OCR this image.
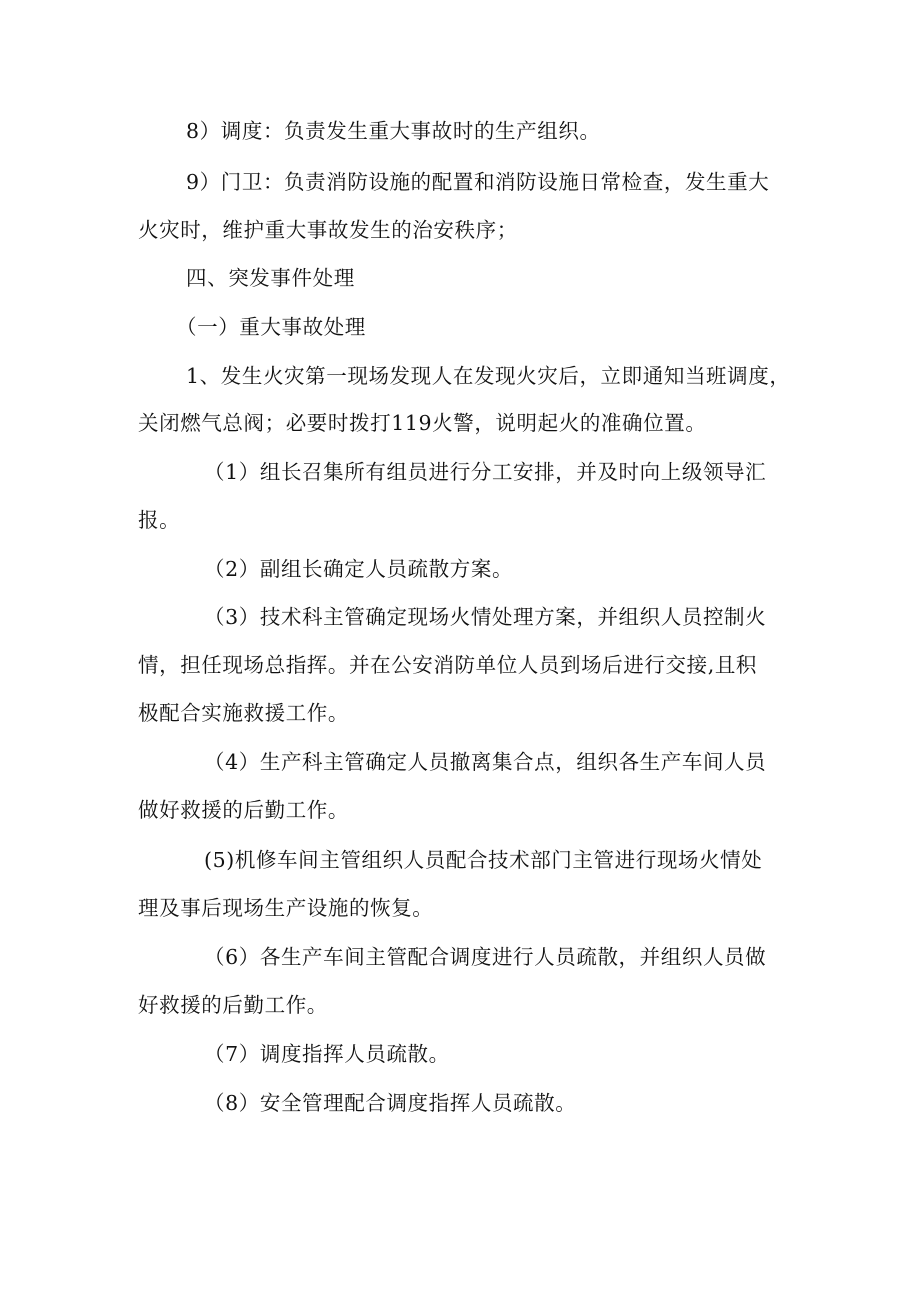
8）调度：负责发生重大事故时的生产组织。
9）门卫：负责消防设施的配置和消防设施日常检查，发生重大
火灾时，维护重大事故发生的治安秩序；
四、突发事件处理
（一）重大事故处理
1、发生火灾第一现场发现人在发现火灾后，立即通知当班调度，
关闭燃气总阀；必要时拨打119火警，说明起火的准确位置。
（1）组长召集所有组员进行分工安排，并及时向上级领导汇
报。
（2）副组长确定人员疏散方案。
（3）技术科主管确定现场火情处理方案，并组织人员控制火
情，担任现场总指挥。并在公安消防单位人员到场后进行交接,且积
极配合实施救援工作。
（4）生产科主管确定人员撤离集合点，组织各生产车间人员
做好救援的后勤工作。
(5)机修车间主管组织人员配合技术部门主管进行现场火情处
理及事后现场生产设施的恢复。
（6）各生产车间主管配合调度进行人员疏散，并组织人员做
好救援的后勤工作。
（7）调度指挥人员疏散。
（8）安全管理配合调度指挥人员疏散。
